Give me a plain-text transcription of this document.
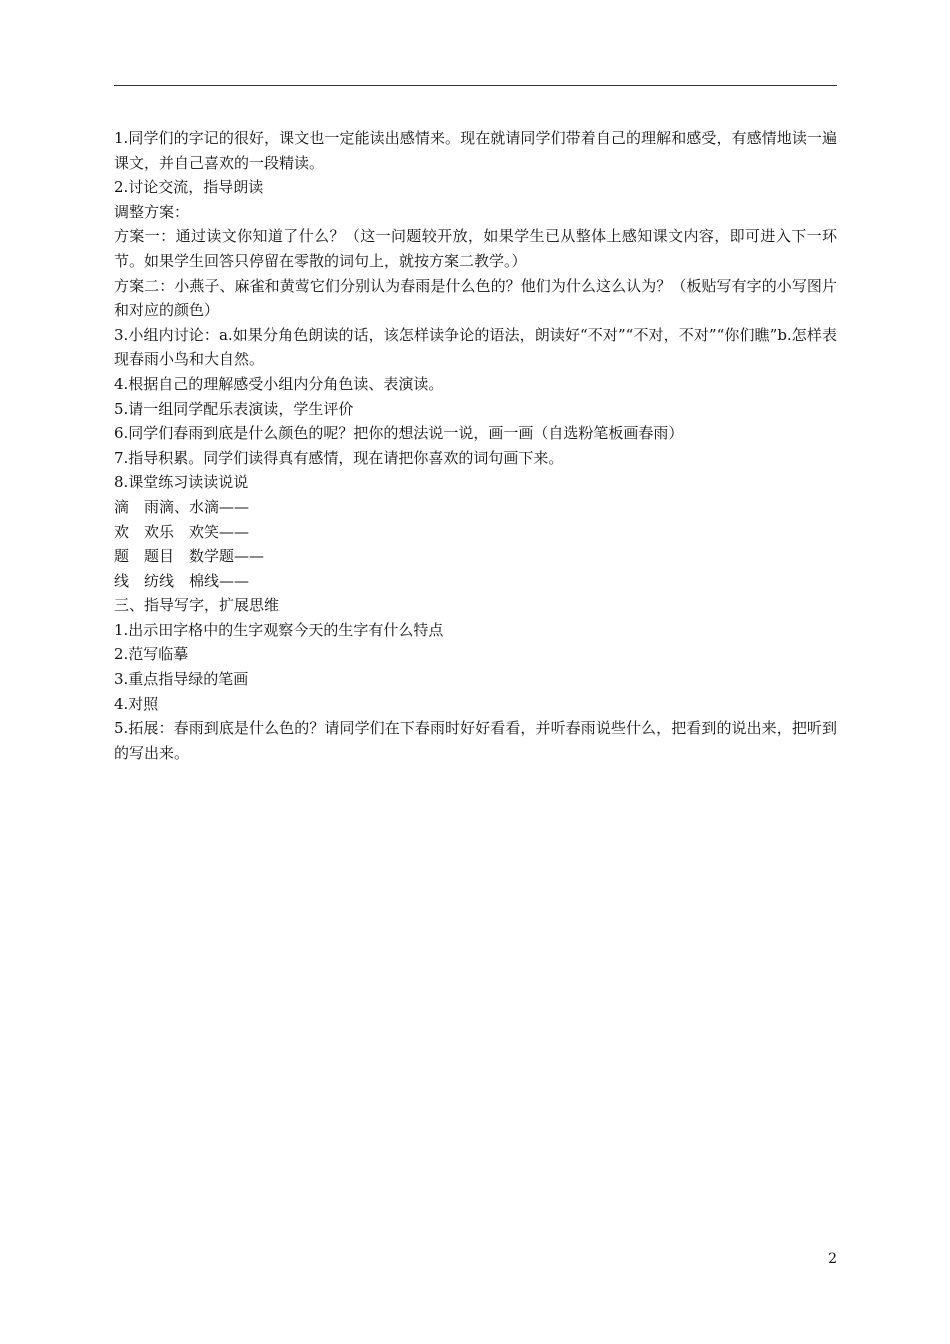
1.同学们的字记的很好，课文也一定能读出感情来。现在就请同学们带着自己的理解和感受，有感情地读一遍课文，并自己喜欢的一段精读。

2.讨论交流，指导朗读

调整方案：

方案一：通过读文你知道了什么？（这一问题较开放，如果学生已从整体上感知课文内容，即可进入下一环节。如果学生回答只停留在零散的词句上，就按方案二教学。）

方案二：小燕子、麻雀和黄莺它们分别认为春雨是什么色的？他们为什么这么认为？（板贴写有字的小写图片和对应的颜色）

3.小组内讨论：a.如果分角色朗读的话，该怎样读争论的语法，朗读好“不对”“不对，不对”“你们瞧”b.怎样表现春雨小鸟和大自然。

4.根据自己的理解感受小组内分角色读、表演读。

5.请一组同学配乐表演读，学生评价

6.同学们春雨到底是什么颜色的呢？把你的想法说一说，画一画（自选粉笔板画春雨）

7.指导积累。同学们读得真有感情，现在请把你喜欢的词句画下来。

8.课堂练习读读说说

滴　雨滴、水滴——

欢　欢乐　欢笑——

题　题目　数学题——

线　纺线　棉线——

三、指导写字，扩展思维

1.出示田字格中的生字观察今天的生字有什么特点

2.范写临摹

3.重点指导绿的笔画

4.对照

5.拓展：春雨到底是什么色的？请同学们在下春雨时好好看看，并听春雨说些什么，把看到的说出来，把听到的写出来。

2
